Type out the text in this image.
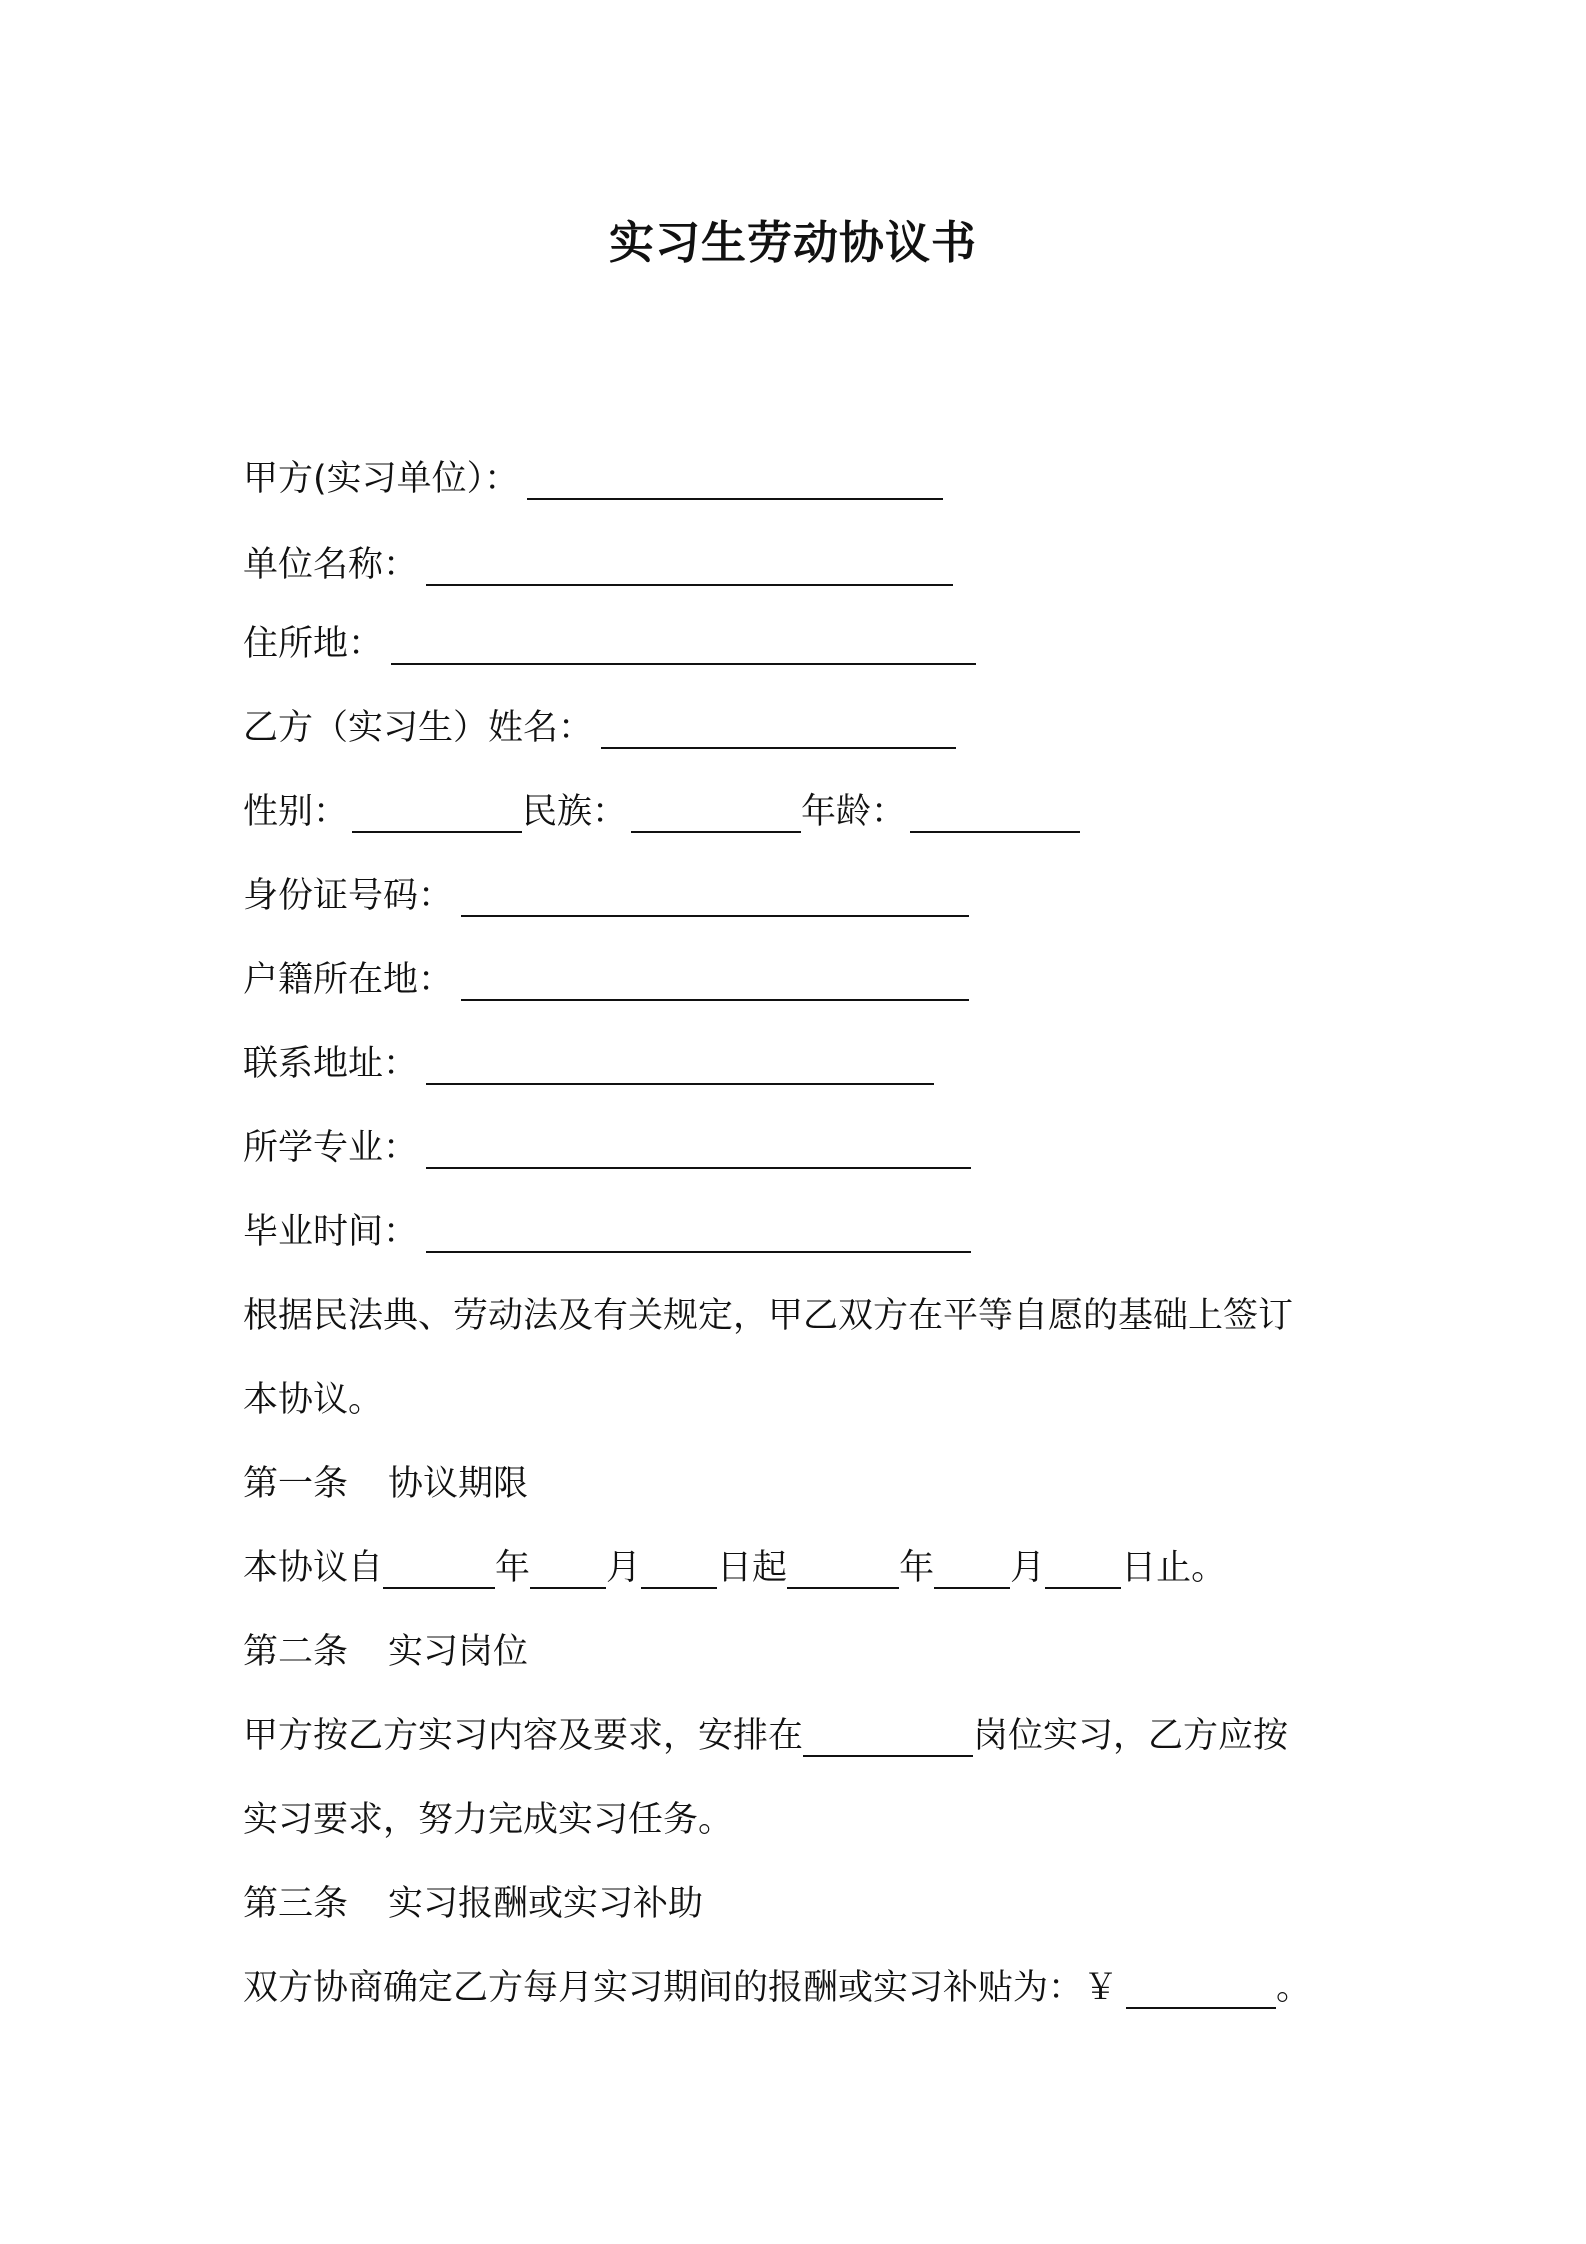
实习生劳动协议书
甲方(实习单位）：
单位名称：
住所地：
乙方（实习生）姓名：
性别：	民族：	年龄：
身份证号码：
户籍所在地：
联系地址：
所学专业：
毕业时间：
根据民法典、劳动法及有关规定，甲乙双方在平等自愿的基础上签订
本协议。
第一条 协议期限
本协议自	年 月 日起	年 月 日止。
第二条 实习岗位
甲方按乙方实习内容及要求，安排在	岗位实习，乙方应按
实习要求，努力完成实习任务。
第三条 实习报酬或实习补助
双方协商确定乙方每月实习期间的报酬或实习补贴为：￥	。
